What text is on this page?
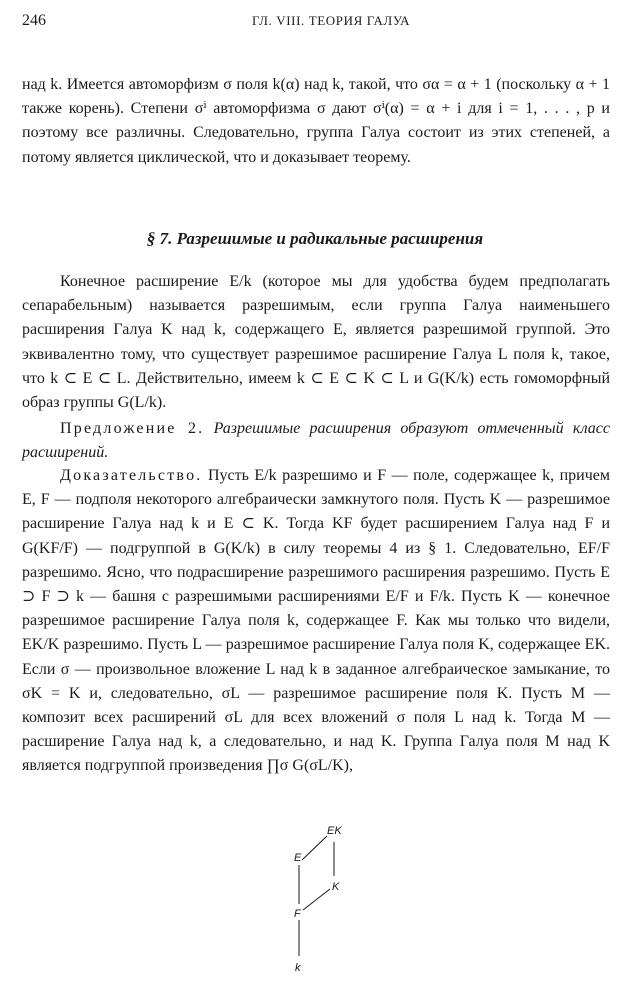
246	ГЛ. VIII. ТЕОРИЯ ГАЛУА

над k. Имеется автоморфизм σ поля k(α) над k, такой, что σα = α + 1 (поскольку α + 1 также корень). Степени σⁱ автоморфизма σ дают σⁱ(α) = α + i для i = 1, . . . , p и поэтому все различны. Следовательно, группа Галуа состоит из этих степеней, а потому является циклической, что и доказывает теорему.

§ 7. Разрешимые и радикальные расширения

Конечное расширение E/k (которое мы для удобства будем предполагать сепарабельным) называется разрешимым, если группа Галуа наименьшего расширения Галуа K над k, содержащего E, является разрешимой группой. Это эквивалентно тому, что существует разрешимое расширение Галуа L поля k, такое, что k ⊂ E ⊂ L. Действительно, имеем k ⊂ E ⊂ K ⊂ L и G(K/k) есть гомоморфный образ группы G(L/k).

Предложение 2. Разрешимые расширения образуют отмеченный класс расширений.

Доказательство. Пусть E/k разрешимо и F — поле, содержащее k, причем E, F — подполя некоторого алгебраически замкнутого поля. Пусть K — разрешимое расширение Галуа над k и E ⊂ K. Тогда KF будет расширением Галуа над F и G(KF/F) — подгруппой в G(K/k) в силу теоремы 4 из § 1. Следовательно, EF/F разрешимо. Ясно, что подрасширение разрешимого расширения разрешимо. Пусть E ⊃ F ⊃ k — башня с разрешимыми расширениями E/F и F/k. Пусть K — конечное разрешимое расширение Галуа поля k, содержащее F. Как мы только что видели, EK/K разрешимо. Пусть L — разрешимое расширение Галуа поля K, содержащее EK. Если σ — произвольное вложение L над k в заданное алгебраическое замыкание, то σK = K и, следовательно, σL — разрешимое расширение поля K. Пусть M — композит всех расширений σL для всех вложений σ поля L над k. Тогда M — расширение Галуа над k, а следовательно, и над K. Группа Галуа поля M над K является подгруппой произведения ∏σ G(σL/K),

EK
E
K
F
k
